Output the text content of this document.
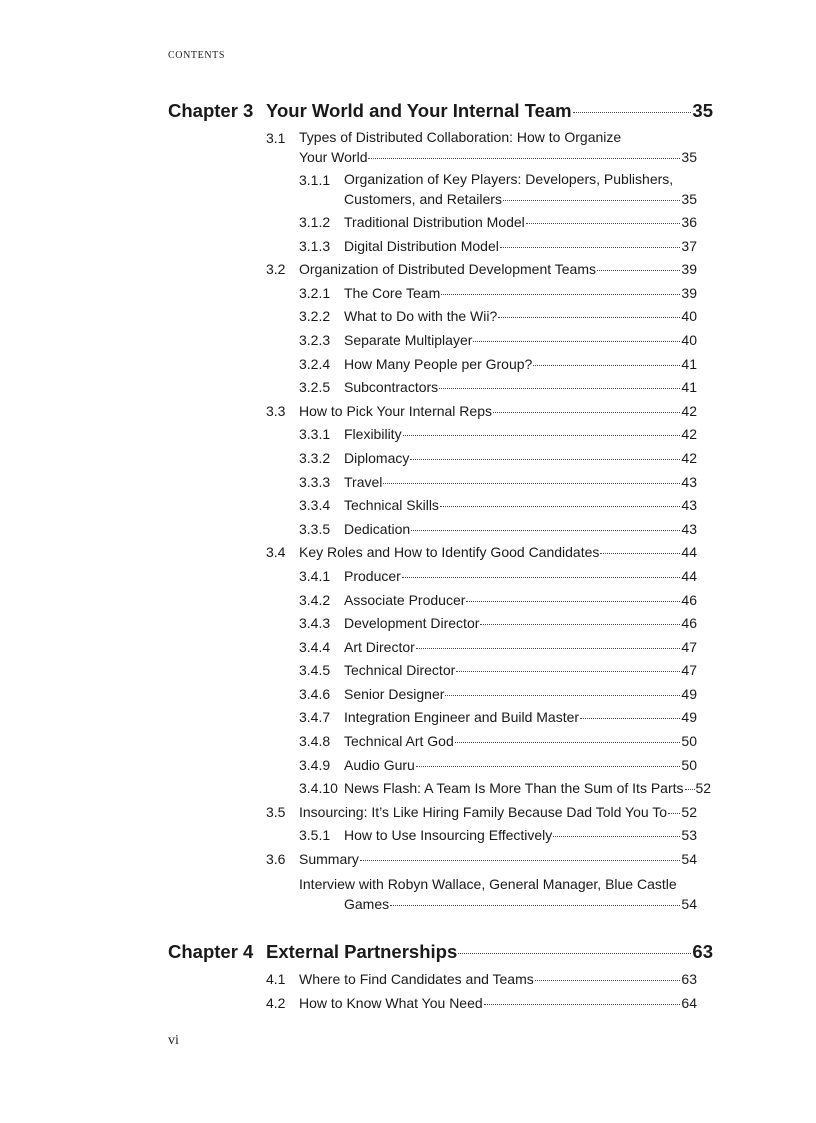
CONTENTS
Chapter 3 Your World and Your Internal Team	35
3.1 Types of Distributed Collaboration: How to Organize
Your World	35
3.1.1 Organization of Key Players: Developers, Publishers,
Customers, and Retailers	35
3.1.2 Traditional Distribution Model	36
3.1.3 Digital Distribution Model	37
3.2 Organization of Distributed Development Teams	39
3.2.1 The Core Team	39
3.2.2 What to Do with the Wii?	40
3.2.3 Separate Multiplayer	40
3.2.4 How Many People per Group?	41
3.2.5 Subcontractors	41
3.3 How to Pick Your Internal Reps	42
3.3.1 Flexibility	42
3.3.2 Diplomacy	42
3.3.3 Travel	43
3.3.4 Technical Skills	43
3.3.5 Dedication	43
3.4 Key Roles and How to Identify Good Candidates	44
3.4.1 Producer	44
3.4.2 Associate Producer	46
3.4.3 Development Director	46
3.4.4 Art Director	47
3.4.5 Technical Director	47
3.4.6 Senior Designer	49
3.4.7 Integration Engineer and Build Master	49
3.4.8 Technical Art God	50
3.4.9 Audio Guru	50
3.4.10 News Flash: A Team Is More Than the Sum of Its Parts 52
3.5 Insourcing: It’s Like Hiring Family Because Dad Told You To 52
3.5.1 How to Use Insourcing Effectively	53
3.6 Summary	54
Interview with Robyn Wallace, General Manager, Blue Castle
Games	54
Chapter 4 External Partnerships	63
4.1 Where to Find Candidates and Teams	63
4.2 How to Know What You Need	64
vi
